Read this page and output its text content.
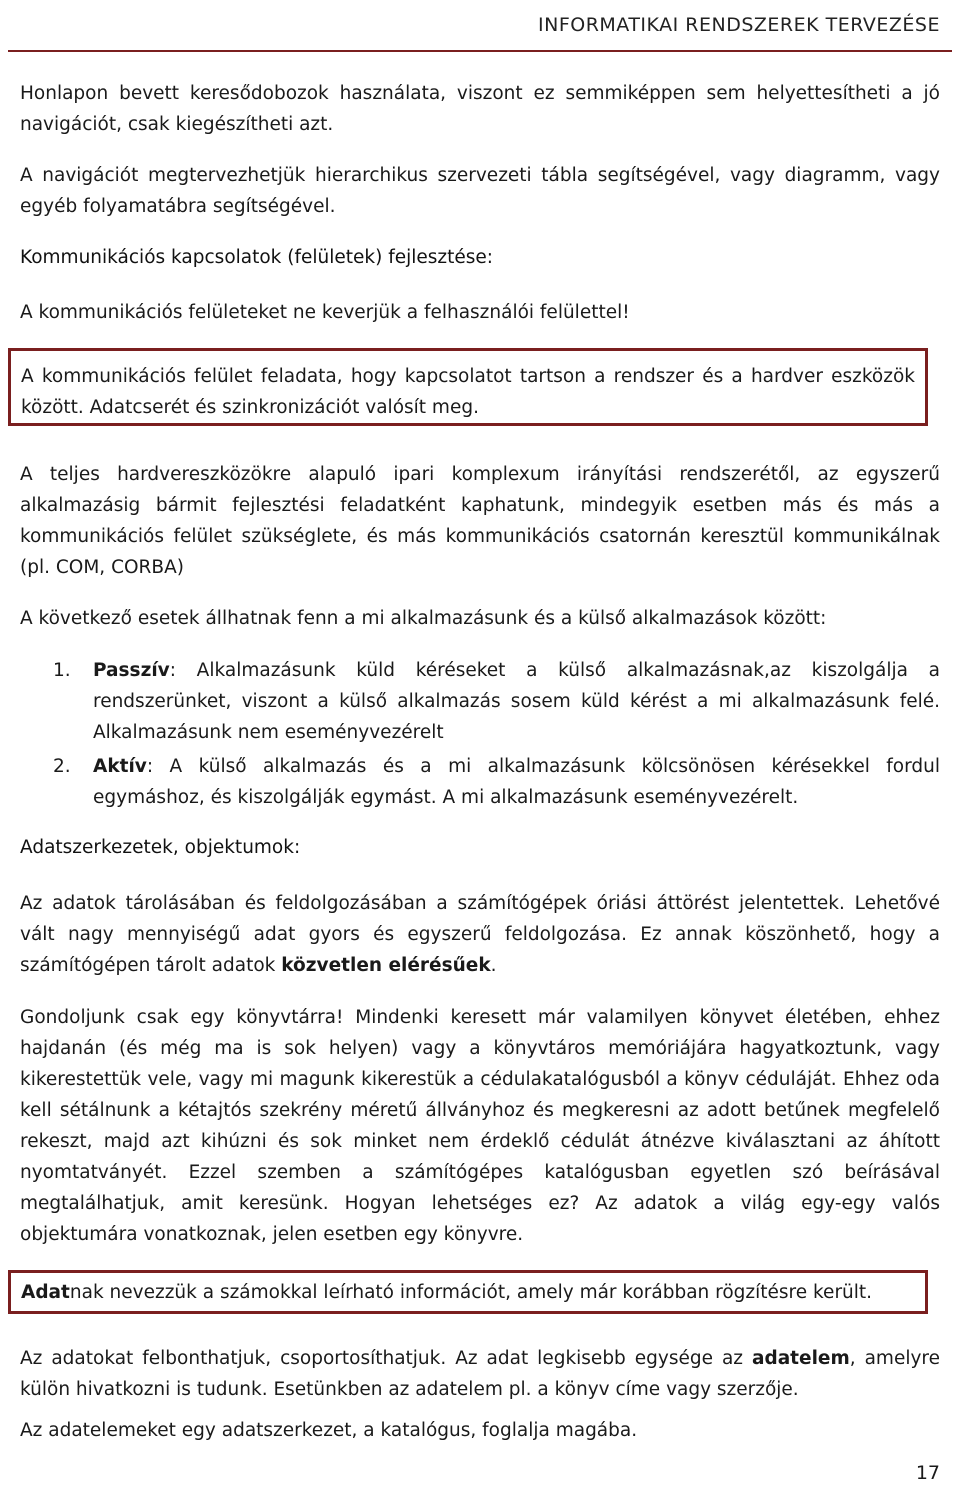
INFORMATIKAI RENDSZEREK TERVEZÉSE

Honlapon bevett keresődobozok használata, viszont ez semmiképpen sem helyettesítheti a jó navigációt, csak kiegészítheti azt.

A navigációt megtervezhetjük hierarchikus szervezeti tábla segítségével, vagy diagramm, vagy egyéb folyamatábra segítségével.

Kommunikációs kapcsolatok (felületek) fejlesztése:
A kommunikációs felületeket ne keverjük a felhasználói felülettel!
A kommunikációs felület feladata, hogy kapcsolatot tartson a rendszer és a hardver eszközök között. Adatcserét és szinkronizációt valósít meg.
A teljes hardvereszközökre alapuló ipari komplexum irányítási rendszerétől, az egyszerű alkalmazásig bármit fejlesztési feladatként kaphatunk, mindegyik esetben más és más a kommunikációs felület szükséglete, és más kommunikációs csatornán keresztül kommunikálnak (pl. COM, CORBA)
A következő esetek állhatnak fenn a mi alkalmazásunk és a külső alkalmazások között:
1. Passzív: Alkalmazásunk küld kéréseket a külső alkalmazásnak,az kiszolgálja a rendszerünket, viszont a külső alkalmazás sosem küld kérést a mi alkalmazásunk felé. Alkalmazásunk nem eseményvezérelt
2. Aktív: A külső alkalmazás és a mi alkalmazásunk kölcsönösen kérésekkel fordul egymáshoz, és kiszolgálják egymást. A mi alkalmazásunk eseményvezérelt.
Adatszerkezetek, objektumok:
Az adatok tárolásában és feldolgozásában a számítógépek óriási áttörést jelentettek. Lehetővé vált nagy mennyiségű adat gyors és egyszerű feldolgozása. Ez annak köszönhető, hogy a számítógépen tárolt adatok közvetlen elérésűek.
Gondoljunk csak egy könyvtárra! Mindenki keresett már valamilyen könyvet életében, ehhez hajdanán (és még ma is sok helyen) vagy a könyvtáros memóriájára hagyatkoztunk, vagy kikerestettük vele, vagy mi magunk kikerestük a cédulakatalógusból a könyv céduláját. Ehhez oda kell sétálnunk a kétajtós szekrény méretű állványhoz és megkeresni az adott betűnek megfelelő rekeszt, majd azt kihúzni és sok minket nem érdeklő cédulát átnézve kiválasztani az áhított nyomtatványét. Ezzel szemben a számítógépes katalógusban egyetlen szó beírásával megtalálhatjuk, amit keresünk. Hogyan lehetséges ez? Az adatok a világ egy-egy valós objektumára vonatkoznak, jelen esetben egy könyvre.
Adatnak nevezzük a számokkal leírható információt, amely már korábban rögzítésre került.
Az adatokat felbonthatjuk, csoportosíthatjuk. Az adat legkisebb egysége az adatelem, amelyre külön hivatkozni is tudunk. Esetünkben az adatelem pl. a könyv címe vagy szerzője.
Az adatelemeket egy adatszerkezet, a katalógus, foglalja magába.
17
